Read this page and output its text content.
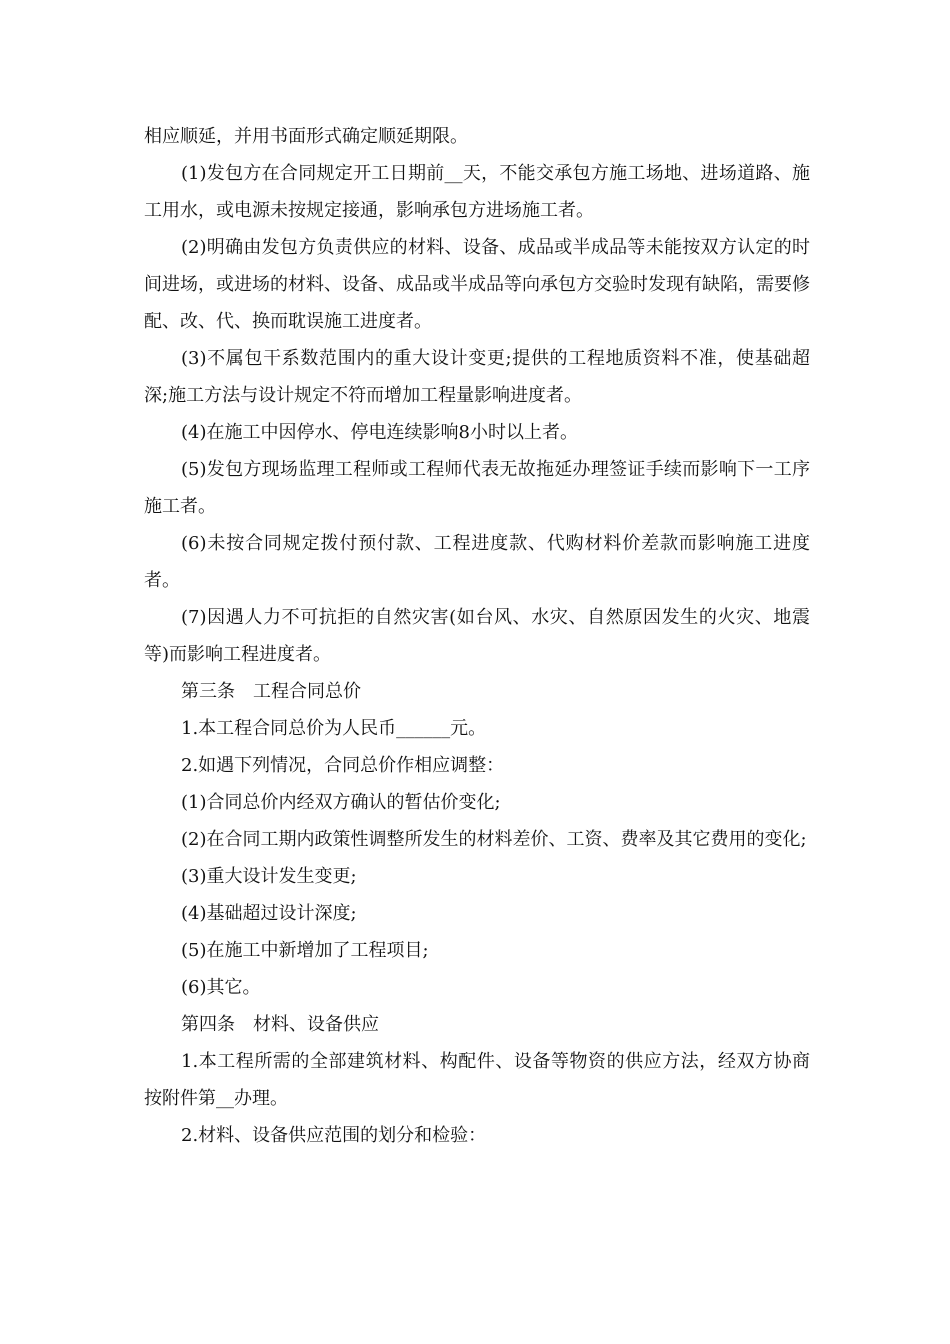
相应顺延，并用书面形式确定顺延期限。

(1)发包方在合同规定开工日期前__天，不能交承包方施工场地、进场道路、施工用水，或电源未按规定接通，影响承包方进场施工者。

(2)明确由发包方负责供应的材料、设备、成品或半成品等未能按双方认定的时间进场，或进场的材料、设备、成品或半成品等向承包方交验时发现有缺陷，需要修配、改、代、换而耽误施工进度者。

(3)不属包干系数范围内的重大设计变更;提供的工程地质资料不准，使基础超深;施工方法与设计规定不符而增加工程量影响进度者。

(4)在施工中因停水、停电连续影响8小时以上者。

(5)发包方现场监理工程师或工程师代表无故拖延办理签证手续而影响下一工序施工者。

(6)未按合同规定拨付预付款、工程进度款、代购材料价差款而影响施工进度者。

(7)因遇人力不可抗拒的自然灾害(如台风、水灾、自然原因发生的火灾、地震等)而影响工程进度者。

第三条　工程合同总价

1.本工程合同总价为人民币______元。

2.如遇下列情况，合同总价作相应调整：

(1)合同总价内经双方确认的暂估价变化;

(2)在合同工期内政策性调整所发生的材料差价、工资、费率及其它费用的变化;

(3)重大设计发生变更;

(4)基础超过设计深度;

(5)在施工中新增加了工程项目;

(6)其它。

第四条　材料、设备供应

1.本工程所需的全部建筑材料、构配件、设备等物资的供应方法，经双方协商按附件第__办理。

2.材料、设备供应范围的划分和检验：
